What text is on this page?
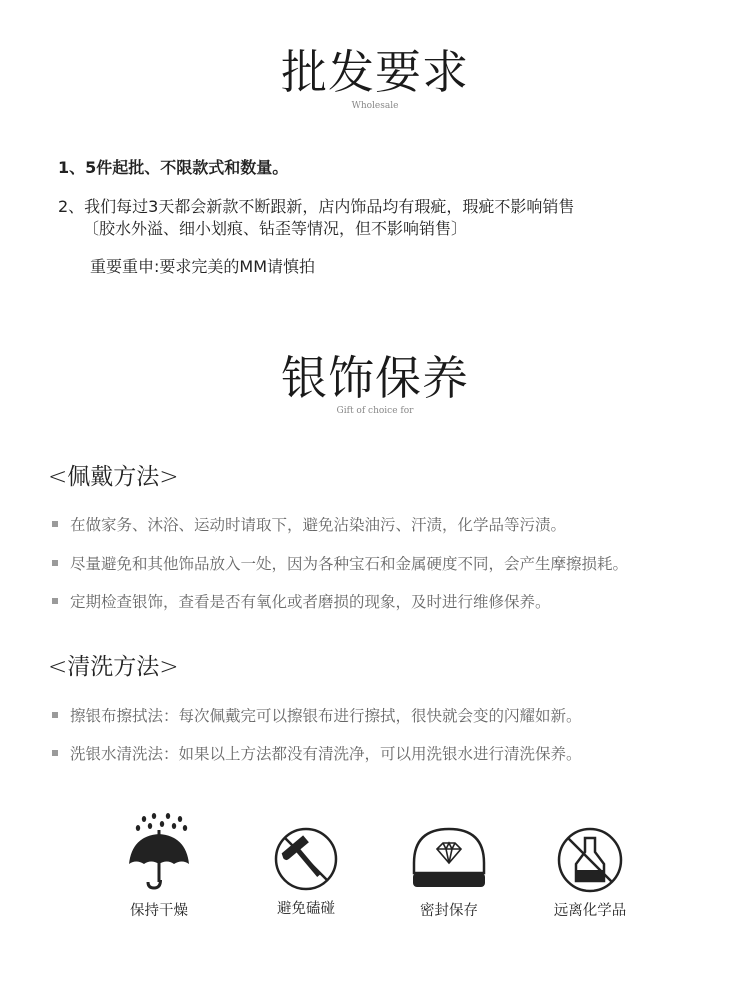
批发要求
Wholesale
1、5件起批、不限款式和数量。
2、我们每过3天都会新款不断跟新，店内饰品均有瑕疵，瑕疵不影响销售
〔胶水外溢、细小划痕、钻歪等情况，但不影响销售〕
重要重申:要求完美的MM请慎拍
银饰保养
Gift of choice for
<佩戴方法>
在做家务、沐浴、运动时请取下，避免沾染油污、汗渍，化学品等污渍。
尽量避免和其他饰品放入一处，因为各种宝石和金属硬度不同，会产生摩擦损耗。
定期检查银饰，查看是否有氧化或者磨损的现象，及时进行维修保养。
<清洗方法>
擦银布擦拭法：每次佩戴完可以擦银布进行擦拭，很快就会变的闪耀如新。
洗银水清洗法：如果以上方法都没有清洗净，可以用洗银水进行清洗保养。
保持干燥	避免磕碰	密封保存	远离化学品
